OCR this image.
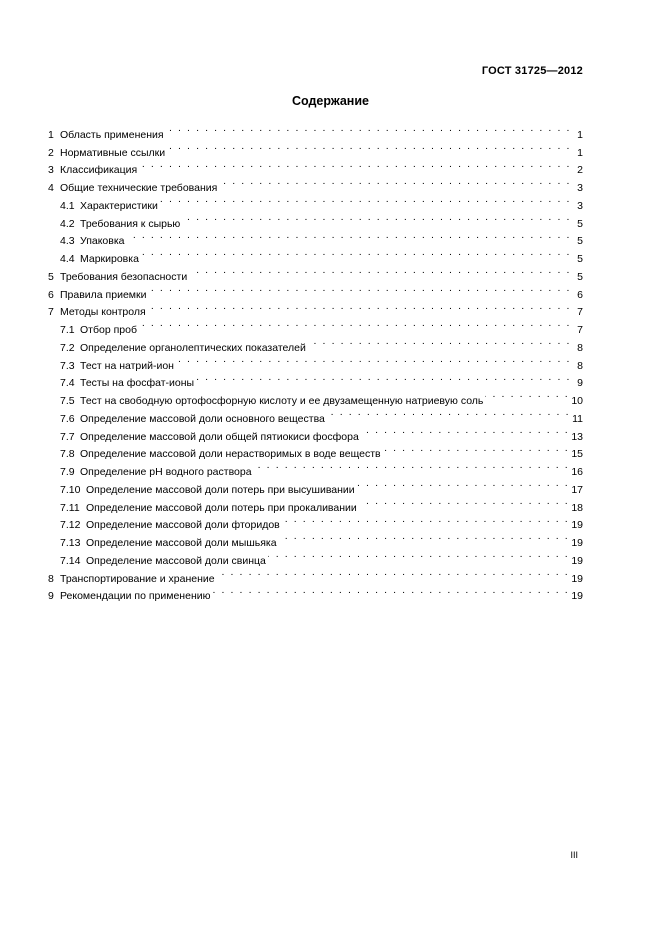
ГОСТ 31725—2012
Содержание
1 Область применения . . .	1
2 Нормативные ссылки . . .	1
3 Классификация . . .	2
4 Общие технические требования . . .	3
4.1 Характеристики . . .	3
4.2 Требования к сырью . . .	5
4.3 Упаковка . . .	5
4.4 Маркировка . . .	5
5 Требования безопасности . . .	5
6 Правила приемки . . .	6
7 Методы контроля . . .	7
7.1 Отбор проб . . .	7
7.2 Определение органолептических показателей . . .	8
7.3 Тест на натрий-ион . . .	8
7.4 Тесты на фосфат-ионы . . .	9
7.5 Тест на свободную ортофосфорную кислоту и ее двузамещенную натриевую соль . . .	10
7.6 Определение массовой доли основного вещества . . .	11
7.7 Определение массовой доли общей пятиокиси фосфора . . .	13
7.8 Определение массовой доли нерастворимых в воде веществ . . .	15
7.9 Определение pH водного раствора . . .	16
7.10 Определение массовой доли потерь при высушивании . . .	17
7.11 Определение массовой доли потерь при прокаливании . . .	18
7.12 Определение массовой доли фторидов . . .	19
7.13 Определение массовой доли мышьяка . . .	19
7.14 Определение массовой доли свинца . . .	19
8 Транспортирование и хранение . . .	19
9 Рекомендации по применению . . .	19
III
